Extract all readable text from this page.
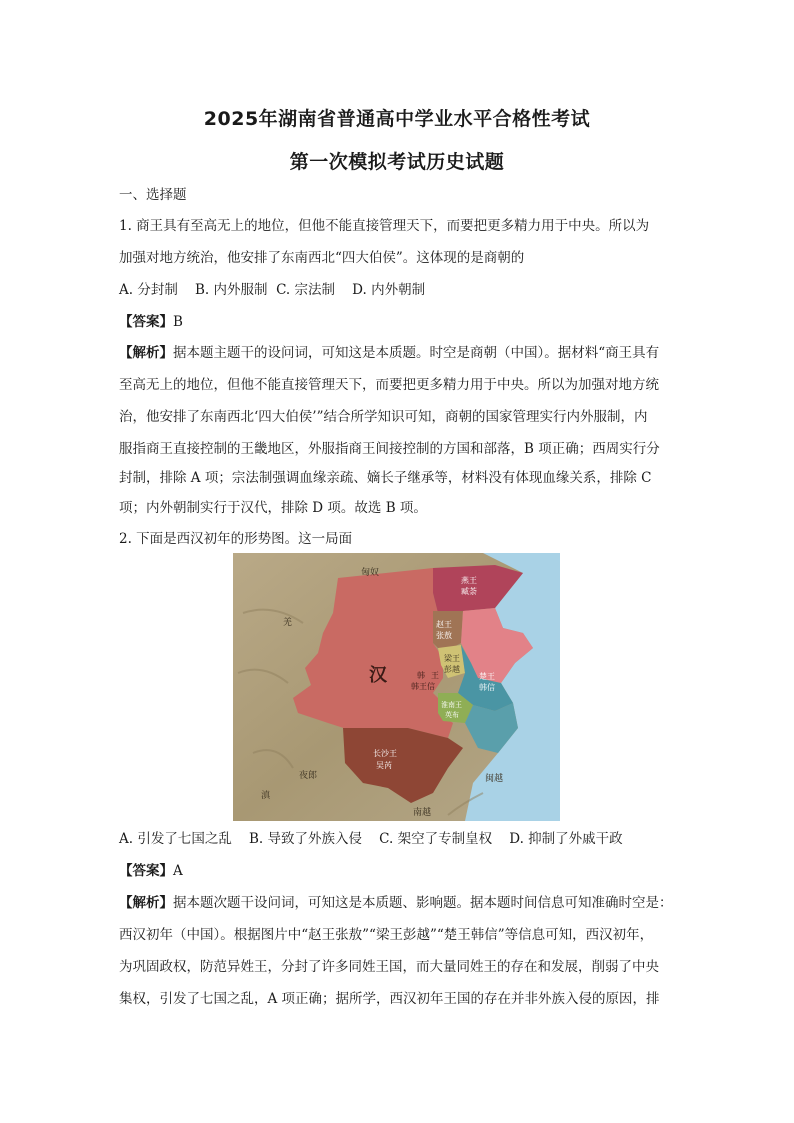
2025年湖南省普通高中学业水平合格性考试
第一次模拟考试历史试题
一、选择题
1. 商王具有至高无上的地位，但他不能直接管理天下，而要把更多精力用于中央。所以为
加强对地方统治，他安排了东南西北“四大伯侯”。这体现的是商朝的
A. 分封制    B. 内外服制  C. 宗法制    D. 内外朝制
【答案】B
【解析】据本题主题干的设问词，可知这是本质题。时空是商朝（中国）。据材料“商王具有
至高无上的地位，但他不能直接管理天下，而要把更多精力用于中央。所以为加强对地方统
治，他安排了东南西北‘四大伯侯’”结合所学知识可知，商朝的国家管理实行内外服制，内
服指商王直接控制的王畿地区，外服指商王间接控制的方国和部落，B 项正确；西周实行分
封制，排除 A 项；宗法制强调血缘亲疏、嫡长子继承等，材料没有体现血缘关系，排除 C
项；内外朝制实行于汉代，排除 D 项。故选 B 项。
2. 下面是西汉初年的形势图。这一局面
匈奴
羌
燕王
臧荼
赵王
张敖
汉
梁王
彭越
楚王
韩信
韩 王
韩王信
淮南王
英布
长沙王
吴芮
夜郎
滇
南越
闽越
A. 引发了七国之乱    B. 导致了外族入侵    C. 架空了专制皇权    D. 抑制了外戚干政
【答案】A
【解析】据本题次题干设问词，可知这是本质题、影响题。据本题时间信息可知准确时空是：
西汉初年（中国）。根据图片中“赵王张敖”“梁王彭越”“楚王韩信”等信息可知，西汉初年，
为巩固政权，防范异姓王，分封了许多同姓王国，而大量同姓王的存在和发展，削弱了中央
集权，引发了七国之乱，A 项正确；据所学，西汉初年王国的存在并非外族入侵的原因，排
